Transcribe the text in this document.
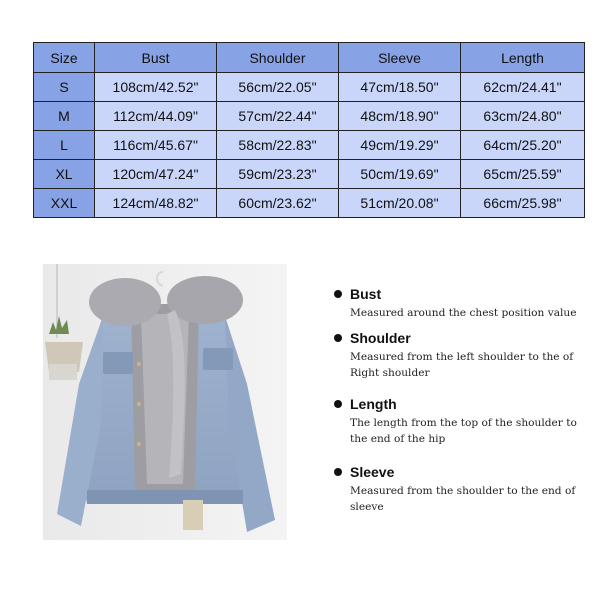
Size	Bust	Shoulder	Sleeve	Length
S	108cm/42.52"	56cm/22.05"	47cm/18.50"	62cm/24.41"
M	112cm/44.09"	57cm/22.44"	48cm/18.90"	63cm/24.80"
L	116cm/45.67"	58cm/22.83"	49cm/19.29"	64cm/25.20"
XL	120cm/47.24"	59cm/23.23"	50cm/19.69"	65cm/25.59"
XXL	124cm/48.82"	60cm/23.62"	51cm/20.08"	66cm/25.98"
Bust
Measured around the chest position value
Shoulder
Measured from the left shoulder to the of Right shoulder
Length
The length from the top of the shoulder to the end of the hip
Sleeve
Measured from the shoulder to the end of sleeve
